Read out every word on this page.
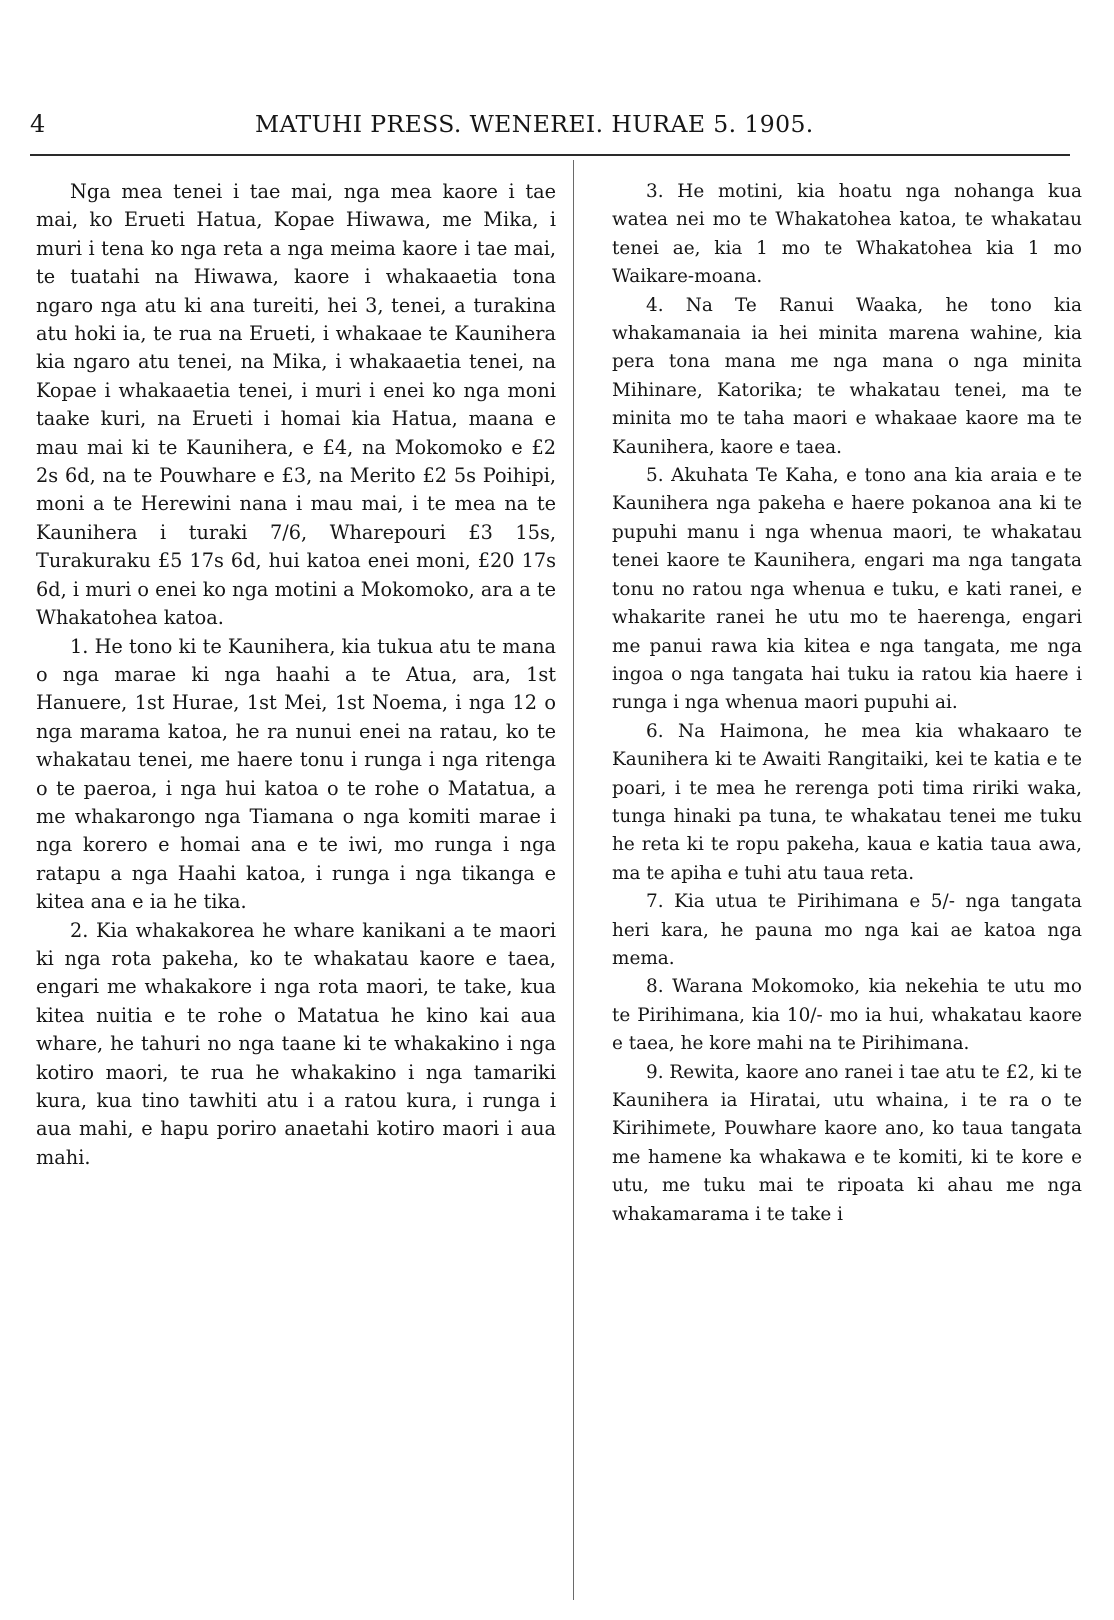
4	MATUHI PRESS. WENEREI. HURAE 5. 1905.

Nga mea tenei i tae mai, nga mea kaore i tae mai, ko Erueti Hatua, Kopae Hiwawa, me Mika, i muri i tena ko nga reta a nga meima kaore i tae mai, te tuatahi na Hiwawa, kaore i whakaaetia tona ngaro nga atu ki ana tureiti, hei 3, tenei, a turakina atu hoki ia, te rua na Erueti, i whakaae te Kaunihera kia ngaro atu tenei, na Mika, i whakaaetia tenei, na Kopae i whakaaetia tenei, i muri i enei ko nga moni taake kuri, na Erueti i homai kia Hatua, maana e mau mai ki te Kaunihera, e £4, na Mokomoko e £2 2s 6d, na te Pouwhare e £3, na Merito £2 5s Poihipi, moni a te Herewini nana i mau mai, i te mea na te Kaunihera i turaki 7/6, Wharepouri £3 15s, Turakuraku £5 17s 6d, hui katoa enei moni, £20 17s 6d, i muri o enei ko nga motini a Mokomoko, ara a te Whakatohea katoa.

1. He tono ki te Kaunihera, kia tukua atu te mana o nga marae ki nga haahi a te Atua, ara, 1st Hanuere, 1st Hurae, 1st Mei, 1st Noema, i nga 12 o nga marama katoa, he ra nunui enei na ratau, ko te whakatau tenei, me haere tonu i runga i nga ritenga o te paeroa, i nga hui katoa o te rohe o Matatua, a me whakarongo nga Tiamana o nga komiti marae i nga korero e homai ana e te iwi, mo runga i nga ratapu a nga Haahi katoa, i runga i nga tikanga e kitea ana e ia he tika.

2. Kia whakakorea he whare kanikani a te maori ki nga rota pakeha, ko te whakatau kaore e taea, engari me whakakore i nga rota maori, te take, kua kitea nuitia e te rohe o Matatua he kino kai aua whare, he tahuri no nga taane ki te whakakino i nga kotiro maori, te rua he whakakino i nga tamariki kura, kua tino tawhiti atu i a ratou kura, i runga i aua mahi, e hapu poriro anaetahi kotiro maori i aua mahi.

3. He motini, kia hoatu nga nohanga kua watea nei mo te Whakatohea katoa, te whakatau tenei ae, kia 1 mo te Whakatohea kia 1 mo Waikare-moana.

4. Na Te Ranui Waaka, he tono kia whakamanaia ia hei minita marena wahine, kia pera tona mana me nga mana o nga minita Mihinare, Katorika; te whakatau tenei, ma te minita mo te taha maori e whakaae kaore ma te Kaunihera, kaore e taea.

5. Akuhata Te Kaha, e tono ana kia araia e te Kaunihera nga pakeha e haere pokanoa ana ki te pupuhi manu i nga whenua maori, te whakatau tenei kaore te Kaunihera, engari ma nga tangata tonu no ratou nga whenua e tuku, e kati ranei, e whakarite ranei he utu mo te haerenga, engari me panui rawa kia kitea e nga tangata, me nga ingoa o nga tangata hai tuku ia ratou kia haere i runga i nga whenua maori pupuhi ai.

6. Na Haimona, he mea kia whakaaro te Kaunihera ki te Awaiti Rangitaiki, kei te katia e te poari, i te mea he rerenga poti tima ririki waka, tunga hinaki pa tuna, te whakatau tenei me tuku he reta ki te ropu pakeha, kaua e katia taua awa, ma te apiha e tuhi atu taua reta.

7. Kia utua te Pirihimana e 5/- nga tangata heri kara, he pauna mo nga kai ae katoa nga mema.

8. Warana Mokomoko, kia nekehia te utu mo te Pirihimana, kia 10/- mo ia hui, whakatau kaore e taea, he kore mahi na te Pirihimana.

9. Rewita, kaore ano ranei i tae atu te £2, ki te Kaunihera ia Hiratai, utu whaina, i te ra o te Kirihimete, Pouwhare kaore ano, ko taua tangata me hamene ka whakawa e te komiti, ki te kore e utu, me tuku mai te ripoata ki ahau me nga whakamarama i te take i
